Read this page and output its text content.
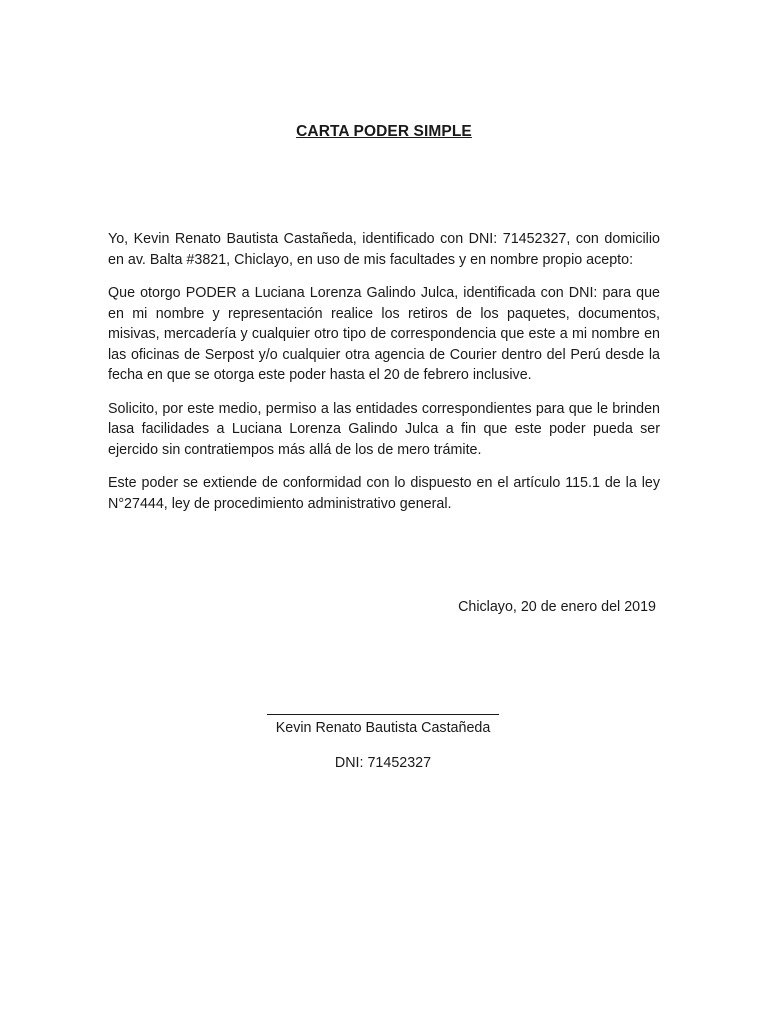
CARTA PODER SIMPLE

Yo, Kevin Renato Bautista Castañeda, identificado con DNI: 71452327, con domicilio en av. Balta #3821, Chiclayo, en uso de mis facultades y en nombre propio acepto:

Que otorgo PODER a Luciana Lorenza Galindo Julca, identificada con DNI: para que en mi nombre y representación realice los retiros de los paquetes, documentos, misivas, mercadería y cualquier otro tipo de correspondencia que este a mi nombre en las oficinas de Serpost y/o cualquier otra agencia de Courier dentro del Perú desde la fecha en que se otorga este poder hasta el 20 de febrero inclusive.

Solicito, por este medio, permiso a las entidades correspondientes para que le brinden lasa facilidades a Luciana Lorenza Galindo Julca a fin que este poder pueda ser ejercido sin contratiempos más allá de los de mero trámite.

Este poder se extiende de conformidad con lo dispuesto en el artículo 115.1 de la ley N°27444, ley de procedimiento administrativo general.

Chiclayo, 20 de enero del 2019
Kevin Renato Bautista Castañeda
DNI: 71452327
